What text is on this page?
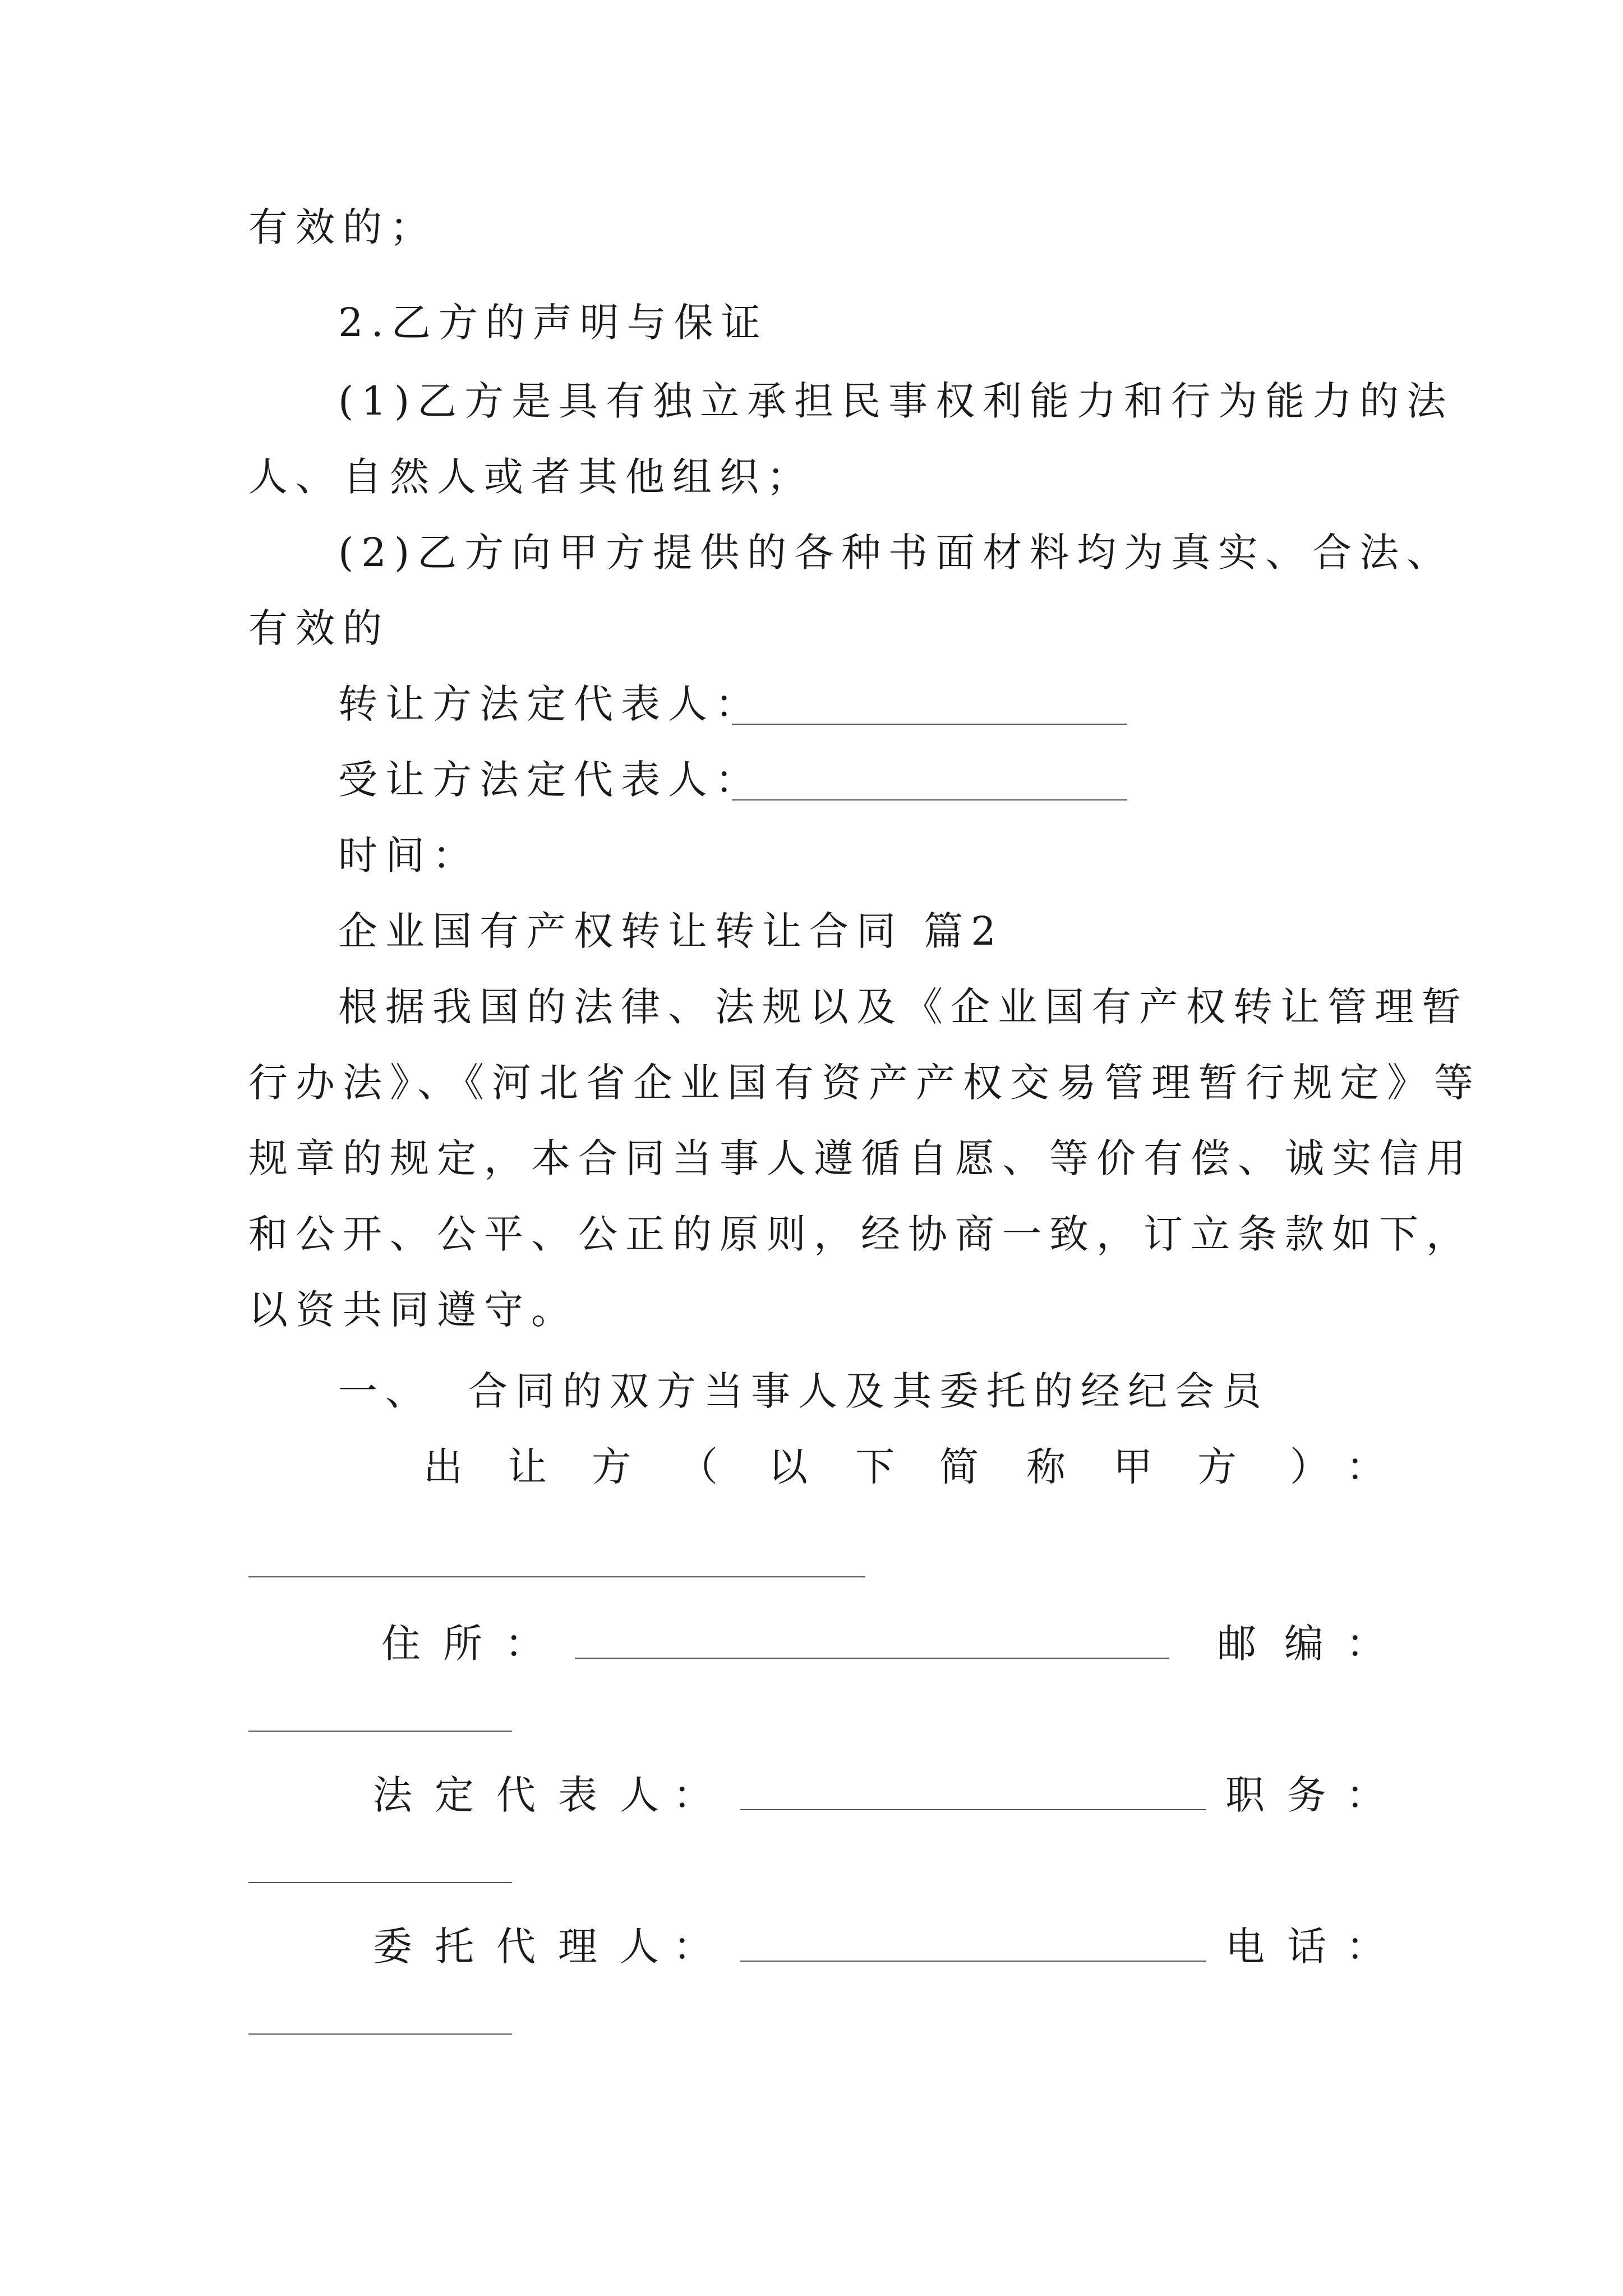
有效的；
2.乙方的声明与保证
(1)乙方是具有独立承担民事权利能力和行为能力的法
人、自然人或者其他组织；
(2)乙方向甲方提供的各种书面材料均为真实、合法、
有效的
转让方法定代表人：
受让方法定代表人：
时间：
企业国有产权转让转让合同 篇2
根据我国的法律、法规以及《企业国有产权转让管理暂
行办法》、《河北省企业国有资产产权交易管理暂行规定》等
规章的规定，本合同当事人遵循自愿、等价有偿、诚实信用
和公开、公平、公正的原则，经协商一致，订立条款如下，
以资共同遵守。
一、 合同的双方当事人及其委托的经纪会员
出 让 方 （ 以 下 简 称 甲 方 ） ：
住 所 ：	邮 编 ：
法 定 代 表 人 ：	职 务 ：
委 托 代 理 人 ：	电 话 ：
